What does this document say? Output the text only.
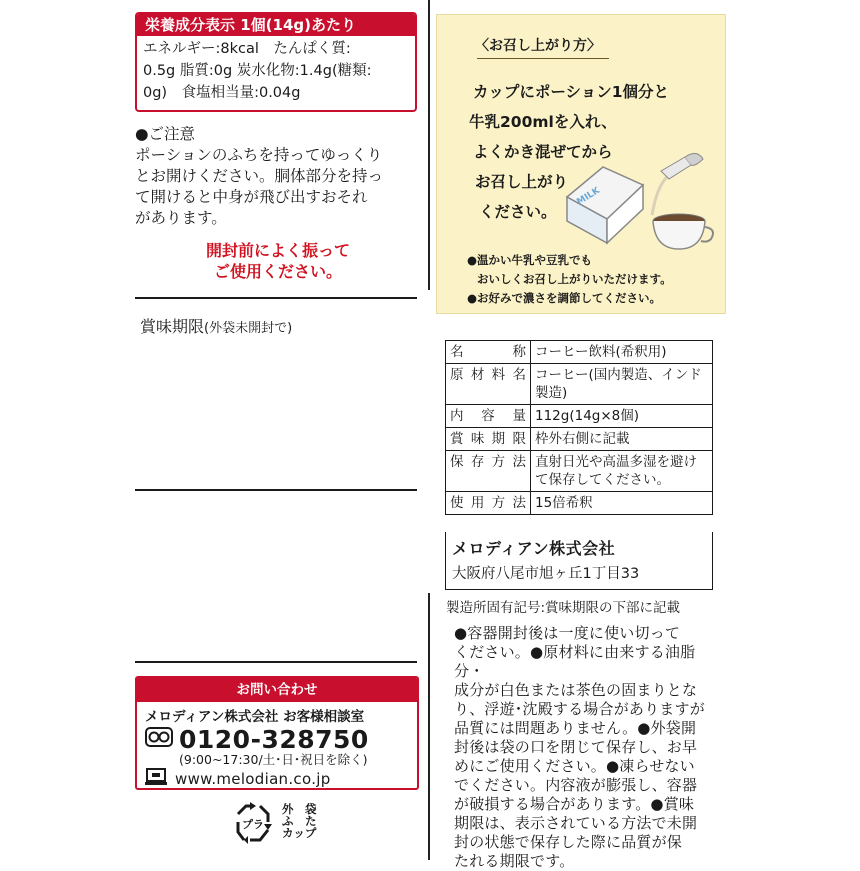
栄養成分表示 1個(14g)あたり
エネルギー:8kcal　たんぱく質:
0.5g 脂質:0g 炭水化物:1.4g(糖類:
0g)　食塩相当量:0.04g
●ご注意
ポーションのふちを持ってゆっくり
とお開けください。胴体部分を持っ
て開けると中身が飛び出すおそれ
があります。
開封前によく振って
ご使用ください。
賞味期限(外袋未開封で)
お問い合わせ
メロディアン株式会社 お客様相談室
0120-328750
(9:00~17:30/土･日･祝日を除く)
www.melodian.co.jp
プラ
外　袋
ふ　た
カップ
〈お召し上がり方〉
カップにポーション1個分と
牛乳200mlを入れ、
よくかき混ぜてから
お召し上がり
ください。
MILK
●温かい牛乳や豆乳でも
おいしくお召し上がりいただけます。
●お好みで濃さを調節してください。
名　　称	コーヒー飲料(希釈用)
原材料名	コーヒー(国内製造、インド製造)
内 容 量	112g(14g×8個)
賞味期限	枠外右側に記載
保存方法	直射日光や高温多湿を避けて保存してください。
使用方法	15倍希釈
メロディアン株式会社
大阪府八尾市旭ヶ丘1丁目33
製造所固有記号:賞味期限の下部に記載
●容器開封後は一度に使い切って
ください。●原材料に由来する油脂分・
成分が白色または茶色の固まりとな
り、浮遊･沈殿する場合がありますが
品質には問題ありません。●外袋開
封後は袋の口を閉じて保存し、お早
めにご使用ください。●凍らせない
でください。内容液が膨張し、容器
が破損する場合があります。●賞味
期限は、表示されている方法で未開
封の状態で保存した際に品質が保
たれる期限です。
